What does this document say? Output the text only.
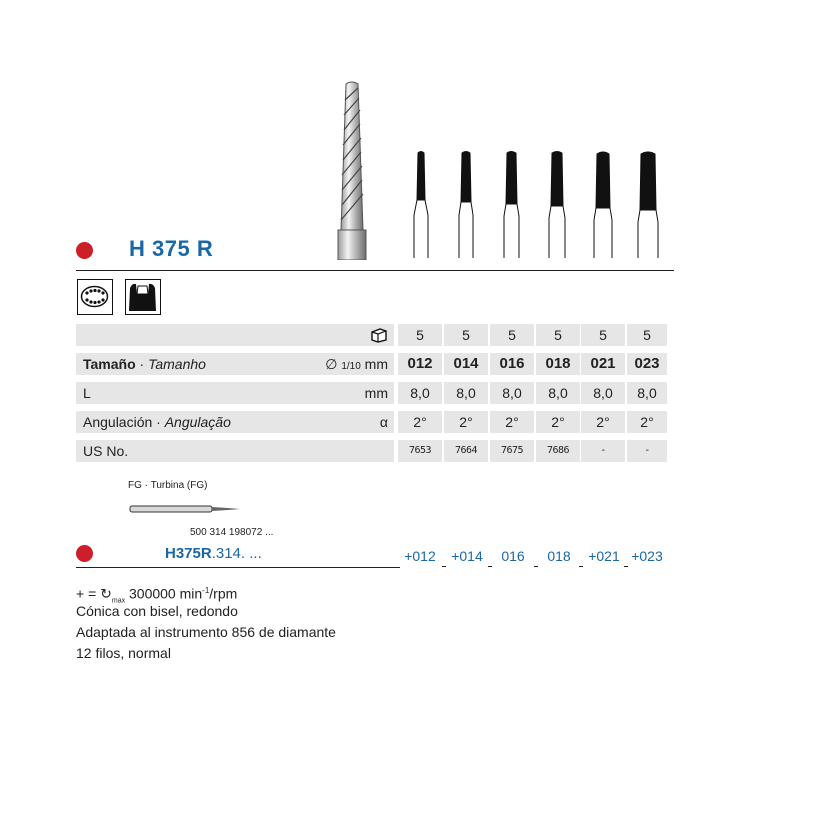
H 375 R
5	5	5	5	5	5
Tamaño · Tamanho	∅ 1/10 mm	012	014	016	018	021	023
L	mm	8,0	8,0	8,0	8,0	8,0	8,0
Angulación · Angulação	α	2°	2°	2°	2°	2°	2°
US No.	7653	7664	7675	7686	-	-
FG · Turbina (FG)
500 314 198072 ...
H375R.314. ...	+012	+014	016	018	+021 +023
+ = $↻_{max}$ 300000 $\min^{-1}$/rpm
Cónica con bisel, redondo
Adaptada al instrumento 856 de diamante
12 filos, normal
